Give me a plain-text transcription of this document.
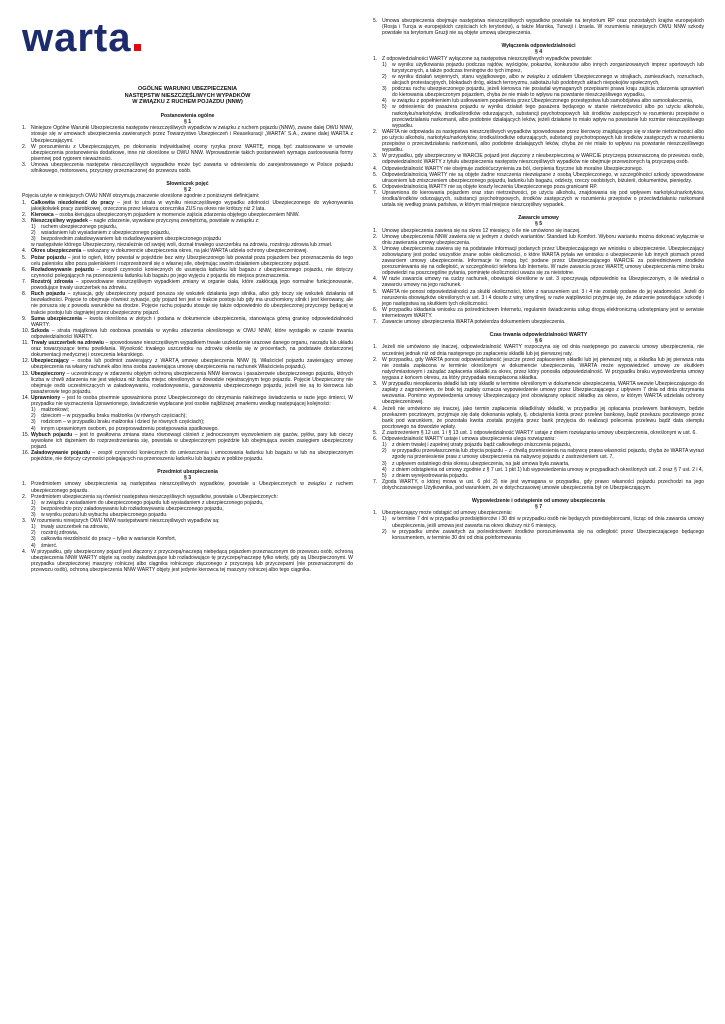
warta
OGÓLNE WARUNKI UBEZPIECZENIA
NASTĘPSTW NIESZCZĘŚLIWYCH WYPADKÓW
W ZWIĄZKU Z RUCHEM POJAZDU (NNW)
Postanowienia ogólne
§ 1
1. Niniejsze Ogólne Warunki Ubezpieczenia następstw nieszczęśliwych wypadków w związku z ruchem pojazdu (NNW), zwane dalej OWU NNW, stosuje się w umowach ubezpieczenia zawieranych przez Towarzystwo Ubezpieczeń i Reasekuracji „WARTA” S.A., zwane dalej WARTA z Ubezpieczającymi.
2. W porozumieniu z Ubezpieczającym, po dokonaniu indywidualnej oceny ryzyka przez WARTĘ, mogą być zastosowane w umowie ubezpieczenia postanowienia dodatkowe, inne niż określone w OWU NNW. Wprowadzenie takich postanowień wymaga zastosowania formy pisemnej pod rygorem nieważności.
3. Umowa ubezpieczenia następstw nieszczęśliwych wypadków może być zawarta w odniesieniu do zarejestrowanego w Polsce pojazdu silnikowego, motoroweru, przyczepy przeznaczonej do przewozu osób.
Słowniczek pojęć
§ 2

Pojęcia użyte w niniejszych OWU NNW otrzymują znaczenie określone zgodnie z poniższymi definicjami:

1. Całkowita niezdolność do pracy – jest to utrata w wyniku nieszczęśliwego wypadku zdolności Ubezpieczonego do wykonywania jakiejkolwiek pracy zarobkowej, orzeczona przez lekarza orzecznika ZUS na okres nie krótszy niż 2 lata.
2. Kierowca – osoba kierująca ubezpieczonym pojazdem w momencie zajścia zdarzenia objętego ubezpieczeniem NNW.
3. Nieszczęśliwy wypadek – nagłe zdarzenie, wywołane przyczyną zewnętrzną, powstałe w związku z:
1)	ruchem ubezpieczonego pojazdu,
2)	wsiadaniem lub wysiadaniem z ubezpieczonego pojazdu,
3)	bezpośrednim załadowywaniem lub rozładowywaniem ubezpieczonego pojazdu
w następstwie którego Ubezpieczony, niezależnie od swojej woli, doznał trwałego uszczerbku na zdrowiu, rozstroju zdrowia lub zmarł.
4. Okres ubezpieczenia – wskazany w dokumencie ubezpieczenia okres, na jaki WARTA udziela ochrony ubezpieczeniowej.
5. Pożar pojazdu – jest to ogień, który powstał w pojeździe bez winy Ubezpieczonego lub powstał poza pojazdem bez przeznaczenia do tego celu palenisku albo poza paleniskiem i rozprzestrzenił się o własnej sile, obejmując swoim działaniem ubezpieczony pojazd.
6. Rozładowywanie pojazdu – zespół czynności koniecznych do usunięcia ładunku lub bagażu z ubezpieczonego pojazdu, nie dotyczy czynności polegających na przenoszeniu ładunku lub bagażu po jego wyjęciu z pojazdu do miejsca przeznaczenia.
7. Rozstrój zdrowia – spowodowane nieszczęśliwym wypadkiem zmiany w organie ciała, które zakłócają jego normalne funkcjonowanie, powodujące trwały uszczerbek na zdrowiu.
8. Ruch pojazdu – sytuacja, gdy ubezpieczony pojazd porusza się wskutek działania jego silnika, albo gdy toczy się wskutek działania sił bezwładności. Pojęcie to obejmuje również sytuacje, gdy pojazd ten jest w trakcie postoju lub gdy ma uruchomiony silnik i jest kierowany, ale nie porusza się z powodu warunków na drodze. Pojęcie ruchu pojazdu stosuje się także odpowiednio do ubezpieczonej przyczepy będącej w trakcie postoju lub ciągniętej przez ubezpieczony pojazd.
9. Suma ubezpieczenia – kwota określona w złotych i podana w dokumencie ubezpieczenia, stanowiąca górną granicę odpowiedzialności WARTY.
10. Szkoda – strata majątkowa lub osobowa powstała w wyniku zdarzenia określonego w OWU NNW, które wystąpiło w czasie trwania odpowiedzialności WARTY.
11. Trwały uszczerbek na zdrowiu – spowodowane nieszczęśliwym wypadkiem trwałe uszkodzenie urazowe danego organu, narządu lub układu oraz towarzyszące temu powikłania. Wysokość trwałego uszczerbku na zdrowiu określa się w procentach, na podstawie dostarczonej dokumentacji medycznej i orzeczenia lekarskiego.
12. Ubezpieczający – osoba lub podmiot zawierający z WARTĄ umowę ubezpieczenia NNW (tj. Właściciel pojazdu zawierający umowę ubezpieczenia na własny rachunek albo inna osoba zawierająca umowę ubezpieczenia na rachunek Właściciela pojazdu).
13. Ubezpieczony – uczestniczący w zdarzeniu objętym ochroną ubezpieczenia NNW kierowca i pasażerowie ubezpieczonego pojazdu, których liczba w chwili zdarzenia nie jest większa niż liczba miejsc określonych w dowodzie rejestracyjnym tego pojazdu. Pojęcie Ubezpieczony nie obejmuje osób uczestniczących w załadowywaniu, rozładowywaniu, garażowaniu ubezpieczonego pojazdu, jeżeli nie są to kierowca lub pasażerowie tego pojazdu.
14. Uprawniony – jest to osoba pisemnie upoważniona przez Ubezpieczonego do otrzymania należnego świadczenia w razie jego śmierci, W przypadku nie wyznaczenia Uprawnionego, świadczenie wypłacane jest osobie najbliższej zmarłemu według następującej kolejności:
1)	małżonkowi;
2)	dzieciom – w przypadku braku małżonka (w równych częściach);
3)	rodzicom – w przypadku braku małżonka i dzieci (w równych częściach);
4)	innym uprawnionym osobom, po przeprowadzeniu postępowania spadkowego.
15. Wybuch pojazdu – jest to gwałtowna zmiana stanu równowagi ciśnień z jednoczesnym wyzwoleniem się gazów, pyłów, pary lub cieczy wywołane ich dążeniem do rozprzestrzeniania się, powstała w ubezpieczonym pojeździe lub obejmująca swoim zasięgiem ubezpieczony pojazd.
16. Załadowywanie pojazdu – zespół czynności koniecznych do umieszczenia i umocowania ładunku lub bagażu w lub na ubezpieczonym pojeździe, nie dotyczy czynności polegających na przenoszeniu ładunku lub bagażu w pobliże pojazdu.
Przedmiot ubezpieczenia
§ 3
1. Przedmiotem umowy ubezpieczenia są następstwa nieszczęśliwych wypadków, powstałe u Ubezpieczonych w związku z ruchem ubezpieczonego pojazdu.
2. Przedmiotem ubezpieczenia są również następstwa nieszczęśliwych wypadków, powstałe u Ubezpieczonych:
1)	w związku z wsiadaniem do ubezpieczonego pojazdu lub wysiadaniem z ubezpieczonego pojazdu,
2)	bezpośrednio przy załadowywaniu lub rozładowywaniu ubezpieczonego pojazdu,
3)	w wyniku pożaru lub wybuchu ubezpieczonego pojazdu.
3. W rozumieniu niniejszych OWU NNW następstwami nieszczęśliwych wypadków są:
1)	trwały uszczerbek na zdrowiu,
2)	rozstrój zdrowia,
3)	całkowita niezdolność do pracy – tylko w wariancie Komfort,
4)	śmierć.
4. W przypadku, gdy ubezpieczony pojazd jest złączony z przyczepą/naczepą niebędącą pojazdem przeznaczonym do przewozu osób, ochroną ubezpieczenia NNW WARTY objęte są osoby załadowujące lub rozładowujące tę przyczepę/naczepę tylko wtedy, gdy są Ubezpieczonymi. W przypadku ubezpieczonej maszyny rolniczej albo ciągnika rolniczego złączonego z przyczepą lub przyczepami (nie przeznaczonymi do przewozu osób), ochroną ubezpieczenia NNW WARTY objęty jest jedynie kierowca tej maszyny rolniczej albo tego ciągnika.
5. Umowa ubezpieczenia obejmuje następstwa nieszczęśliwych wypadków powstałe na terytorium RP oraz pozostałych krajów europejskich (Rosja i Turcja w europejskich częściach ich terytoriów), a także Maroka, Tunezji i Izraela. W rozumieniu niniejszych OWU NNW szkody powstałe na terytorium Gruzji nie są objęte umową ubezpieczenia.
Wyłączenia odpowiedzialności
§ 4
1. Z odpowiedzialności WARTY wyłączone są następstwa nieszczęśliwych wypadków powstałe:
1)	w wyniku użytkowania pojazdu podczas rajdów, wyścigów, pokazów, konkursów albo innych zorganizowanych imprez sportowych lub turystycznych, a także podczas treningów do tych imprez,
2)	w wyniku działań wojennych, stanu wyjątkowego, albo w związku z udziałem Ubezpieczonego w strajkach, zamieszkach, rozruchach, akcjach protestacyjnych, blokadach dróg, aktach terroryzmu, sabotażu lub podobnych aktach niepokojów społecznych,
3)	podczas ruchu ubezpieczonego pojazdu, jeżeli kierowca nie posiadał wymaganych przepisami prawa kraju zajścia zdarzenia uprawnień do kierowania ubezpieczonym pojazdem, chyba że nie miało to wpływu na powstanie nieszczęśliwego wypadku,
4)	w związku z popełnieniem lub usiłowaniem popełnienia przez Ubezpieczonego przestępstwa lub samobójstwa albo samookaleczenia,
5)	w odniesieniu do pasażera pojazdu w wyniku działań tego pasażera będącego w stanie nietrzeźwości albo po użyciu alkoholu, narkotyku/narkotyków, środka/środków odurzających, substancji psychotropowych lub środków zastępczych w rozumieniu przepisów o przeciwdziałaniu narkomanii, albo podobnie działających leków, jeżeli działanie to miało wpływ na powstanie lub rozmiar nieszczęśliwego wypadku.
2. WARTA nie odpowiada za następstwa nieszczęśliwych wypadków spowodowane przez kierowcę znajdującego się w stanie nietrzeźwości albo po użyciu alkoholu, narkotyku/narkotyków, środka/środków odurzających, substancji psychotropowych lub środków zastępczych w rozumieniu przepisów o przeciwdziałaniu narkomanii, albo podobnie działających leków, chyba że nie miało to wpływu na powstanie nieszczęśliwego wypadku.
3. W przypadku, gdy ubezpieczony w WARCIE pojazd jest złączony z nieubezpieczoną w WARCIE przyczepą przeznaczoną do przewozu osób, odpowiedzialność WARTY z tytułu ubezpieczenia następstw nieszczęśliwych wypadków nie obejmuje przewożonych tą przyczepą osób.
4. Odpowiedzialność WARTY nie obejmuje zadośćuczynienia za ból, cierpienia fizyczne lub moralne Ubezpieczonego.
5. Odpowiedzialnością WARTY nie są objęte żadne roszczenia niezwiązane z osobą Ubezpieczonego, w szczególności szkody spowodowane utraceniem lub zniszczeniem ubezpieczonego pojazdu, ładunku lub bagażu, odzieży, rzeczy osobistych, biżuterii, dokumentów, pieniędzy.
6. Odpowiedzialnością WARTY nie są objęte koszty leczenia Ubezpieczonego poza granicami RP.
7. Uprawniona do kierowania pojazdem oraz stan nietrzeźwości, po użyciu alkoholu, znajdowania się pod wpływem narkotyku/narkotyków, środka/środków odurzających, substancji psychotropowych, środków zastępczych w rozumieniu przepisów o przeciwdziałaniu narkomanii ustala się według prawa państwa, w którym miał miejsce nieszczęśliwy wypadek.
Zawarcie umowy
§ 5
1. Umowę ubezpieczenia zawiera się na okres 12 miesięcy, o ile nie umówiono się inaczej.
2. Umowę ubezpieczenia NNW zawiera się w jednym z dwóch wariantów: Standard lub Komfort. Wyboru wariantu można dokonać wyłącznie w dniu zawierania umowy ubezpieczenia.
3. Umowę ubezpieczenia zawiera się na podstawie informacji podanych przez Ubezpieczającego we wniosku o ubezpieczenie. Ubezpieczający zobowiązany jest podać wszystkie znane sobie okoliczności, o które WARTA pytała we wniosku o ubezpieczenie lub innych pismach przed zawarciem umowy ubezpieczenia. Informacje te mogą być podane przez Ubezpieczającego WARCIE za pośrednictwem środków porozumiewania się na odległość, w szczególności telefonu lub Internetu. W razie zawarcia przez WARTĘ umowy ubezpieczenia mimo braku odpowiedzi na poszczególne pytania, pominięte okoliczności uważa się za nieistotne.
4. W razie zawarcia umowy na cudzy rachunek, obowiązki określone w ust. 3 spoczywają odpowiednio na Ubezpieczonym, o ile wiedział o zawarciu umowy na jego rachunek.
5. WARTA nie ponosi odpowiedzialności za skutki okoliczności, które z naruszeniem ust. 3 i 4 nie zostały podane do jej wiadomości. Jeżeli do naruszenia obowiązków określonych w ust. 3 i 4 doszło z winy umyślnej, w razie wątpliwości przyjmuje się, że zdarzenie powodujące szkodę i jego następstwa są skutkiem tych okoliczności.
6. W przypadku składania wniosku za pośrednictwem Internetu, regulamin świadczenia usług drogą elektroniczną udostępniany jest w serwisie internetowym WARTY.
7. Zawarcie umowy ubezpieczenia WARTA potwierdza dokumentem ubezpieczenia.
Czas trwania odpowiedzialności WARTY
§ 6
1. Jeżeli nie umówiono się inaczej, odpowiedzialność WARTY rozpoczyna się od dnia następnego po zawarciu umowy ubezpieczenia, nie wcześniej jednak niż od dnia następnego po zapłaceniu składki lub jej pierwszej raty.
2. W przypadku, gdy WARTA ponosi odpowiedzialność jeszcze przed zapłaceniem składki lub jej pierwszej raty, a składka lub jej pierwsza rata nie została zapłacona w terminie określonym w dokumencie ubezpieczenia, WARTA może wypowiedzieć umowę ze skutkiem natychmiastowym i zażądać zapłacenia składki za okres, przez który ponosiła odpowiedzialność. W przypadku braku wypowiedzenia umowy wygasa z końcem okresu, za który przypadała niezapłacona składka.
3. W przypadku nieopłacenia składki lub raty składki w terminie określonym w dokumencie ubezpieczenia, WARTA wezwie Ubezpieczającego do zapłaty z zagrożeniem, że brak tej zapłaty oznacza wypowiedzenie umowy przez Ubezpieczającego z upływem 7 dnia od dnia otrzymania wezwania. Pomimo wypowiedzenia umowy Ubezpieczający jest obowiązany opłacić składkę za okres, w którym WARTA udzielała ochrony ubezpieczeniowej.
4. Jeżeli nie umówiono się inaczej, jako termin zapłacenia składki/raty składki, w przypadku jej opłacania przelewem bankowym, będzie przekazem pocztowym, przyjmuje się datę dokonania wpłaty, tj. obciążenia konta przez przelew bankowy, bądź przekazu pocztowego przez bank pod warunkiem, że pozostała kwota została przyjęta przez bank przyjęcia do realizacji polecenia przelewu bądź data stemplu pocztowego na dowodzie wpłaty.
5. Z zastrzeżeniem § 12 ust. 1 i § 13 ust. 1 odpowiedzialność WARTY ustaje z dniem rozwiązania umowy ubezpieczenia, określonym w ust. 6.
6. Odpowiedzialność WARTY ustaje i umowa ubezpieczenia ulega rozwiązaniu:
1)	z dniem trwałej i zupełnej utraty pojazdu bądź całkowitego zniszczenia pojazdu,
2)	w przypadku przewłaszczenia lub zbycia pojazdu – z chwilą przeniesienia na nabywcę prawa własności pojazdu, chyba że WARTA wyrazi zgodę na przeniesienie praw z umowy ubezpieczenia na nabywcę pojazdu z zastrzeżeniem ust. 7,
3)	z upływem ostatniego dnia okresu ubezpieczenia, na jaki umowa była zawarta,
4)	z dniem odstąpienia od umowy zgodnie z § 7 ust. 1 pkt 1) lub wypowiedzenia umowy w przypadkach określonych ust. 2 oraz § 7 ust. 2 i 4,
5)	z dniem wyrejestrowania pojazdu.
7. Zgoda WARTY, o której mowa w ust. 6 pkt 2) nie jest wymagana w przypadku, gdy prawo własności pojazdu przechodzi na jego dotychczasowego Użytkownika, pod warunkiem, że w dotychczasowej umowie ubezpieczenia był on Ubezpieczającym.
Wypowiedzenie i odstąpienie od umowy ubezpieczenia
§ 7
1. Ubezpieczający może odstąpić od umowy ubezpieczenia:
1)	w terminie 7 dni w przypadku przedsiębiorców i 30 dni w przypadku osób nie będących przedsiębiorcami, licząc od dnia zawarcia umowy ubezpieczenia, jeśli umowa jest zawarta na okres dłuższy niż 6 miesięcy,
2)	w przypadku umów zawartych za pośrednictwem środków porozumiewania się na odległość przez Ubezpieczającego będącego konsumentem, w terminie 30 dni od dnia poinformowania
